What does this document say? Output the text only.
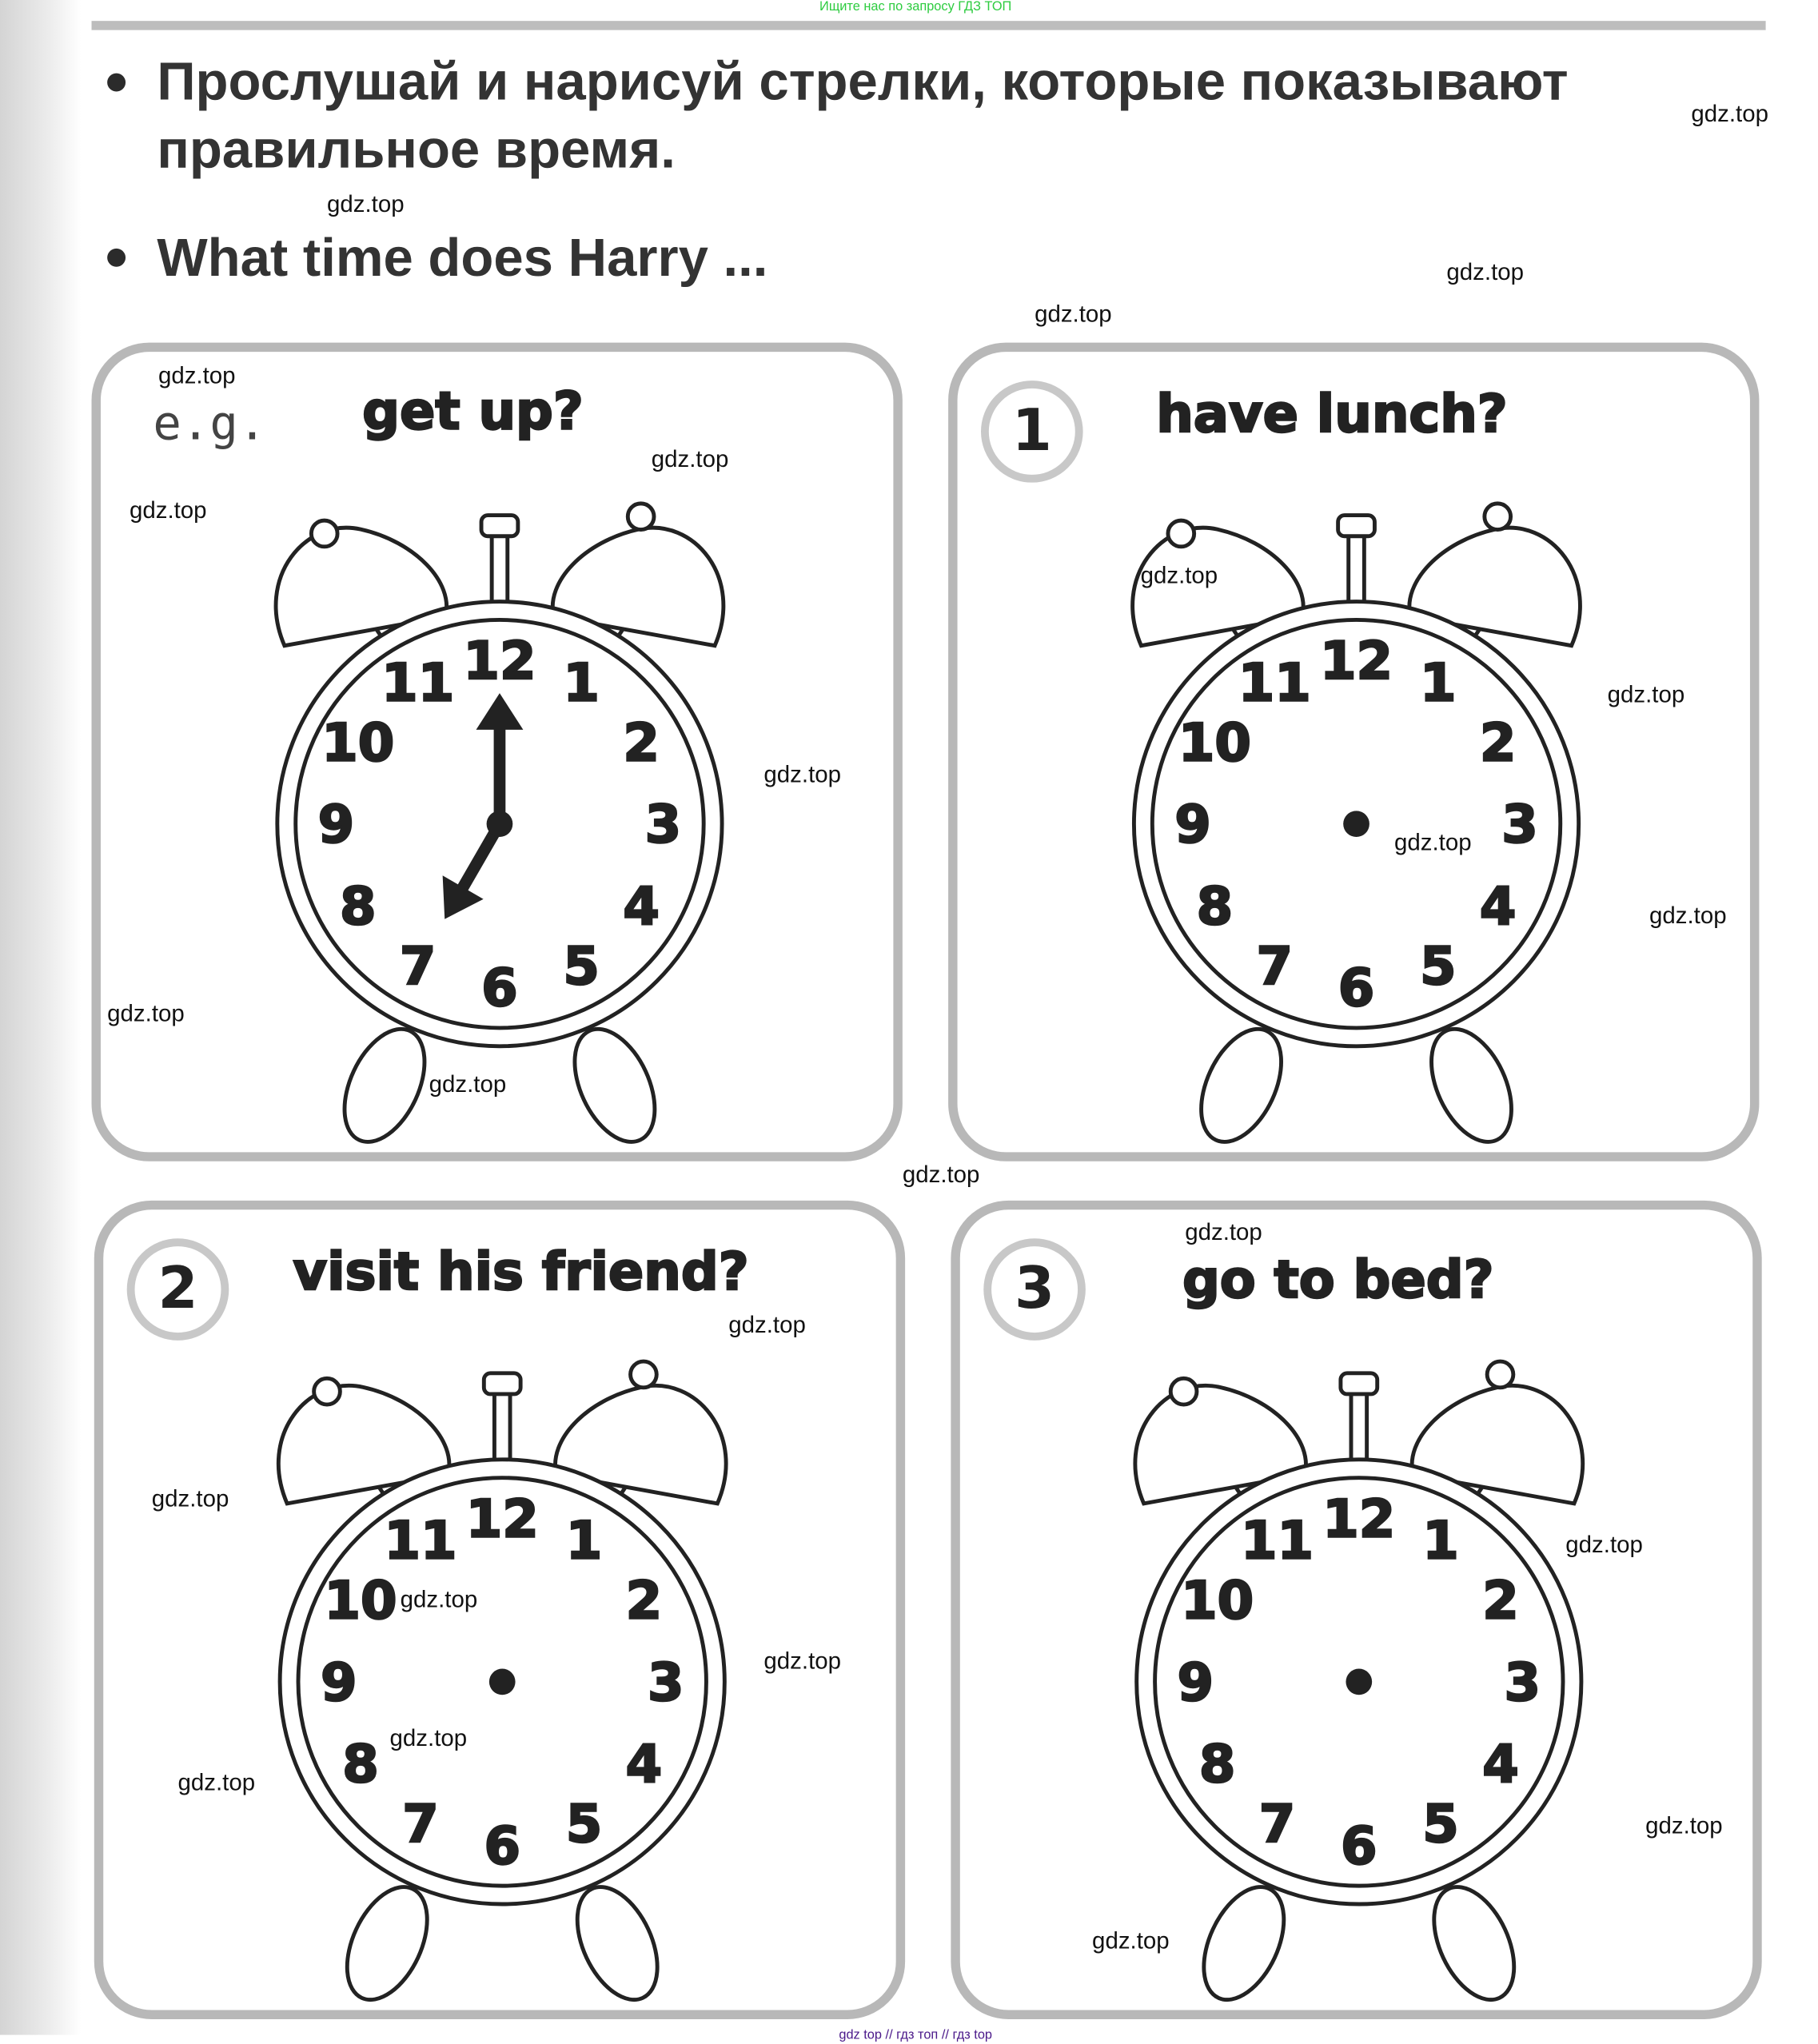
Ищите нас по запросу ГДЗ ТОП
Прослушай и нарисуй стрелки, которые показывают
правильное время.
What time does Harry ...
e.g.	get up?
12 1
2
3
4
5
6
7
8
9
10
11
1	have lunch?
12 1
2
3
4
5
6
7
8
9
10
11
2	visit his friend?
12 1
2
3
4
5
6
7
8
9
10
11
3	go to bed?
12 1
2
3
4
5
6
7
8
9
10
11
gdz.top
gdz.top
gdz.top
gdz.top
gdz.top
gdz.top
gdz.top
gdz.top
gdz.top
gdz.top
gdz.top
gdz.top
gdz.top
gdz.top
gdz.top
gdz.top
gdz.top
gdz.top
gdz.top
gdz.top
gdz.top
gdz.top
gdz.top
gdz.top
gdz.top
gdz top // гдз топ // гдз top
